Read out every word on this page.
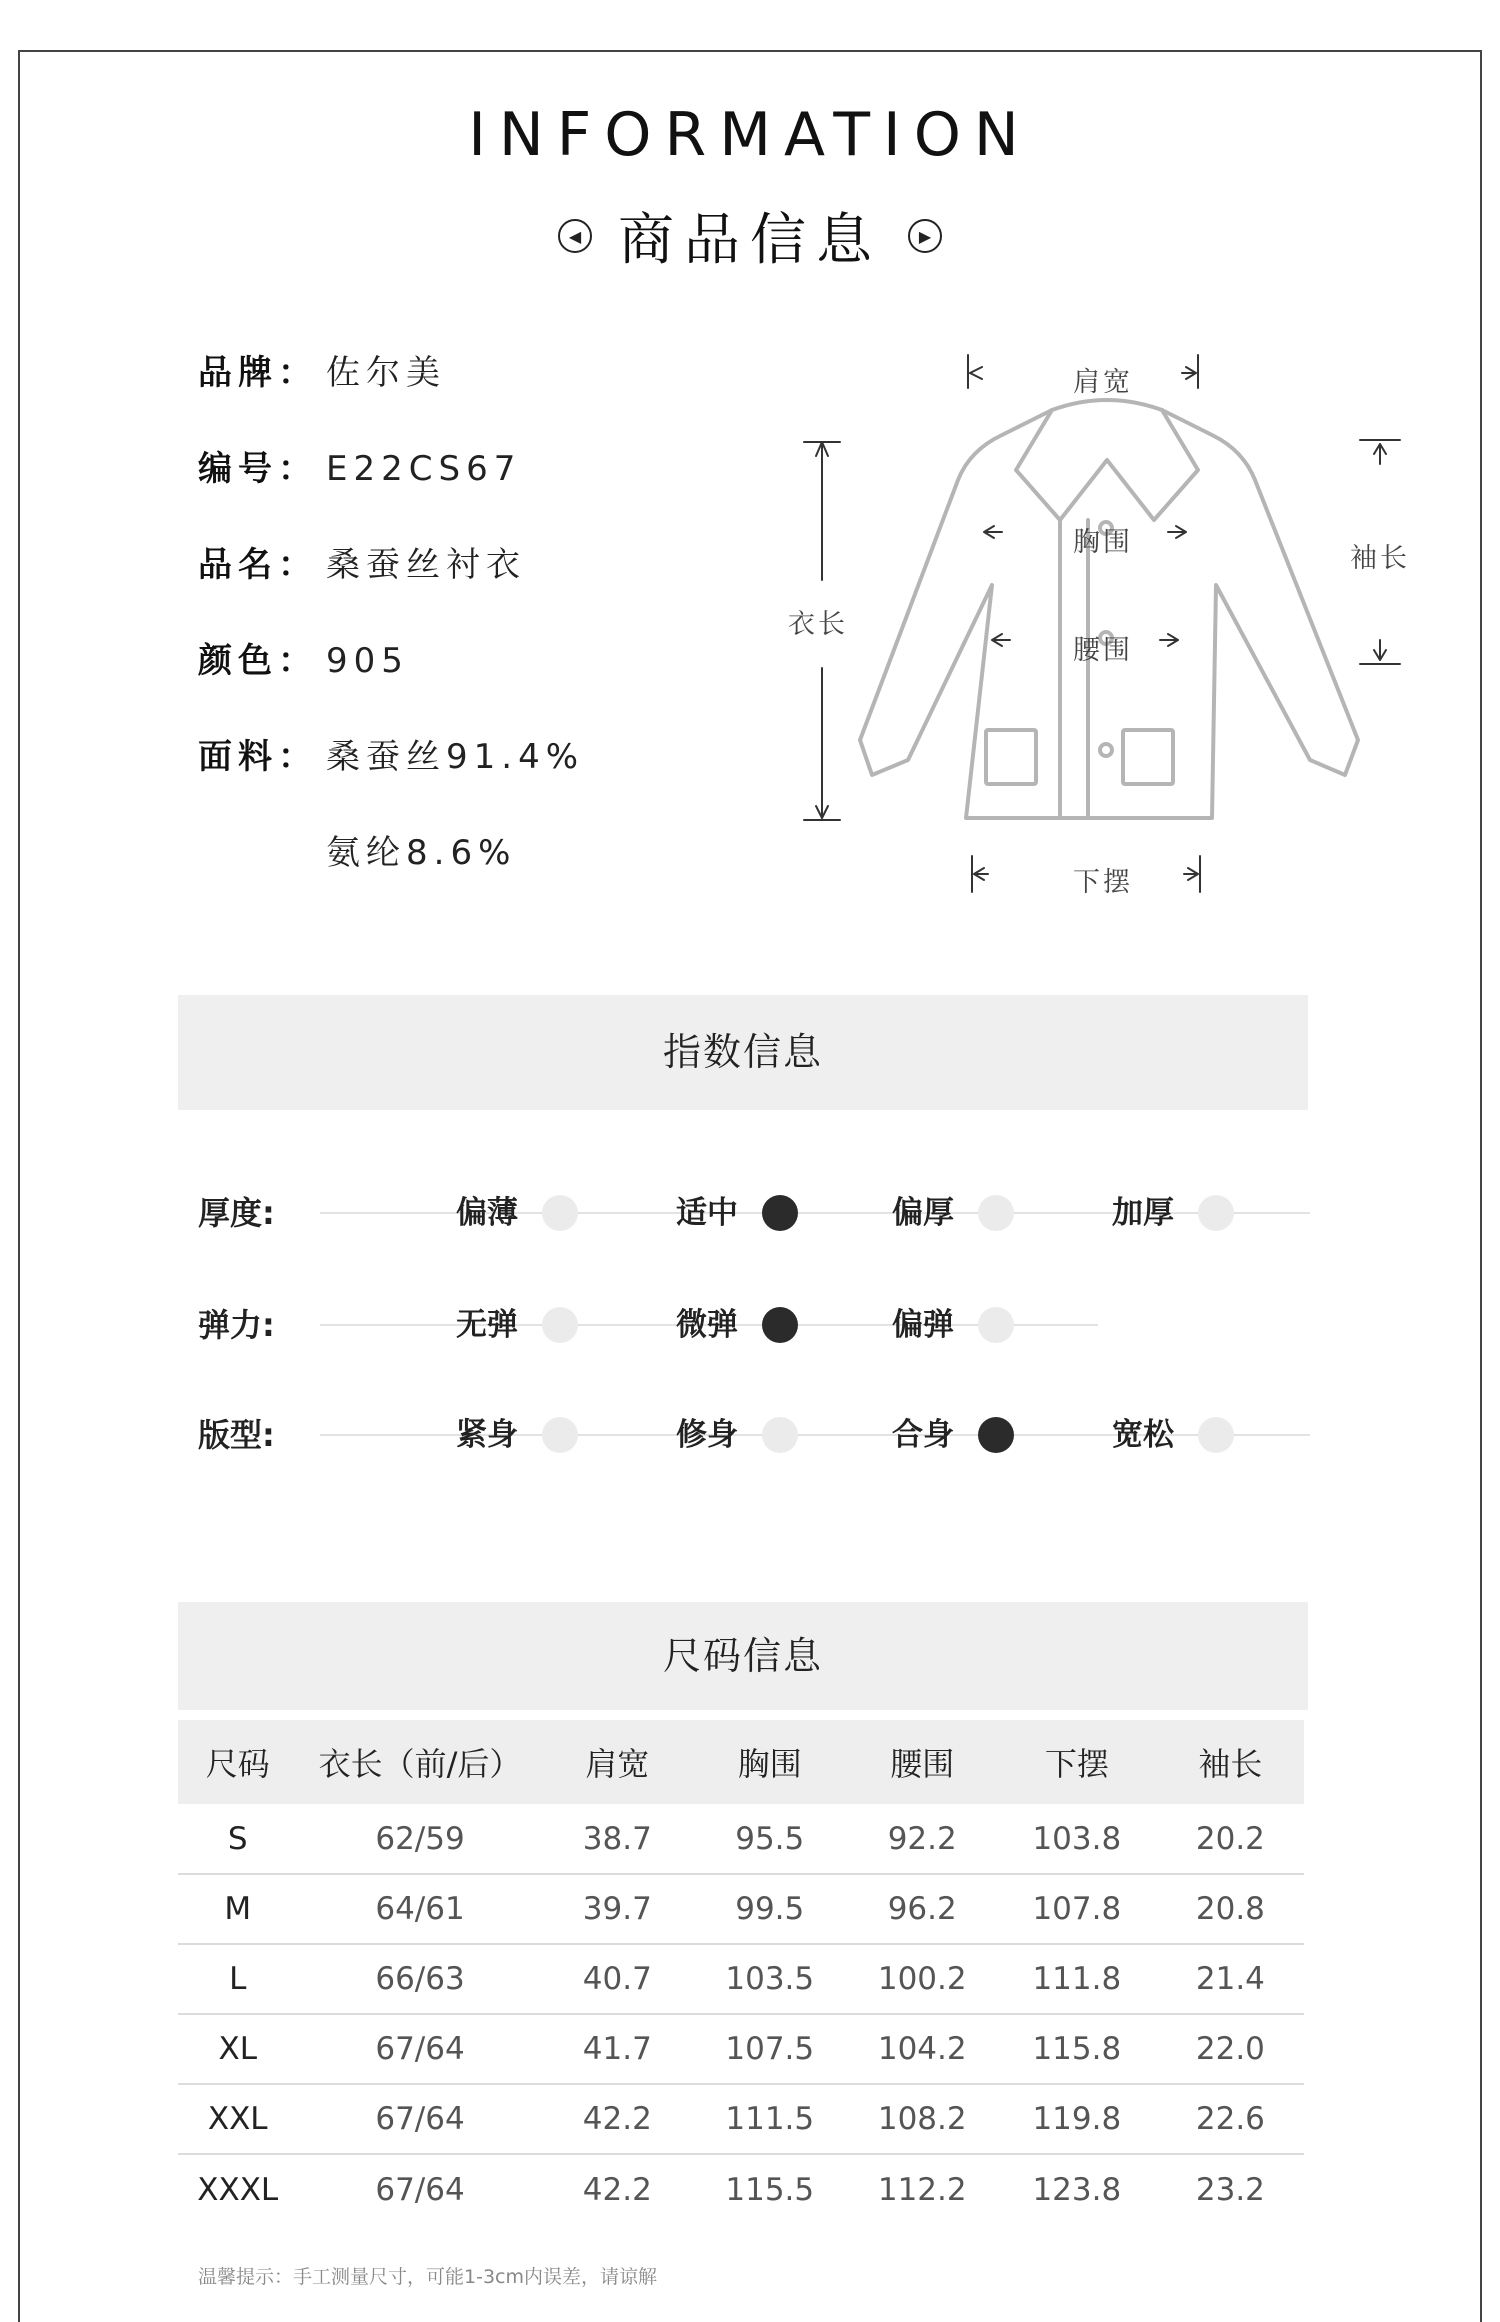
INFORMATION
◀ 商品信息	▶
品牌： 佐尔美
编号： E22CS67
品名： 桑蚕丝衬衣
颜色： 905
面料： 桑蚕丝91.4%
氨纶8.6%
肩宽
胸围
腰围
下摆
衣长
袖长
指数信息
厚度:	偏薄	适中	偏厚	加厚
弹力:	无弹	微弹	偏弹
版型:	紧身	修身	合身	宽松
尺码信息
尺码	衣长（前/后）	肩宽	胸围	腰围	下摆	袖长
S	62/59	38.7	95.5	92.2	103.8	20.2
M	64/61	39.7	99.5	96.2	107.8	20.8
L	66/63	40.7	103.5	100.2	111.8	21.4
XL	67/64	41.7	107.5	104.2	115.8	22.0
XXL	67/64	42.2	111.5	108.2	119.8	22.6
XXXL	67/64	42.2	115.5	112.2	123.8	23.2
温馨提示：手工测量尺寸，可能1-3cm内误差，请谅解
